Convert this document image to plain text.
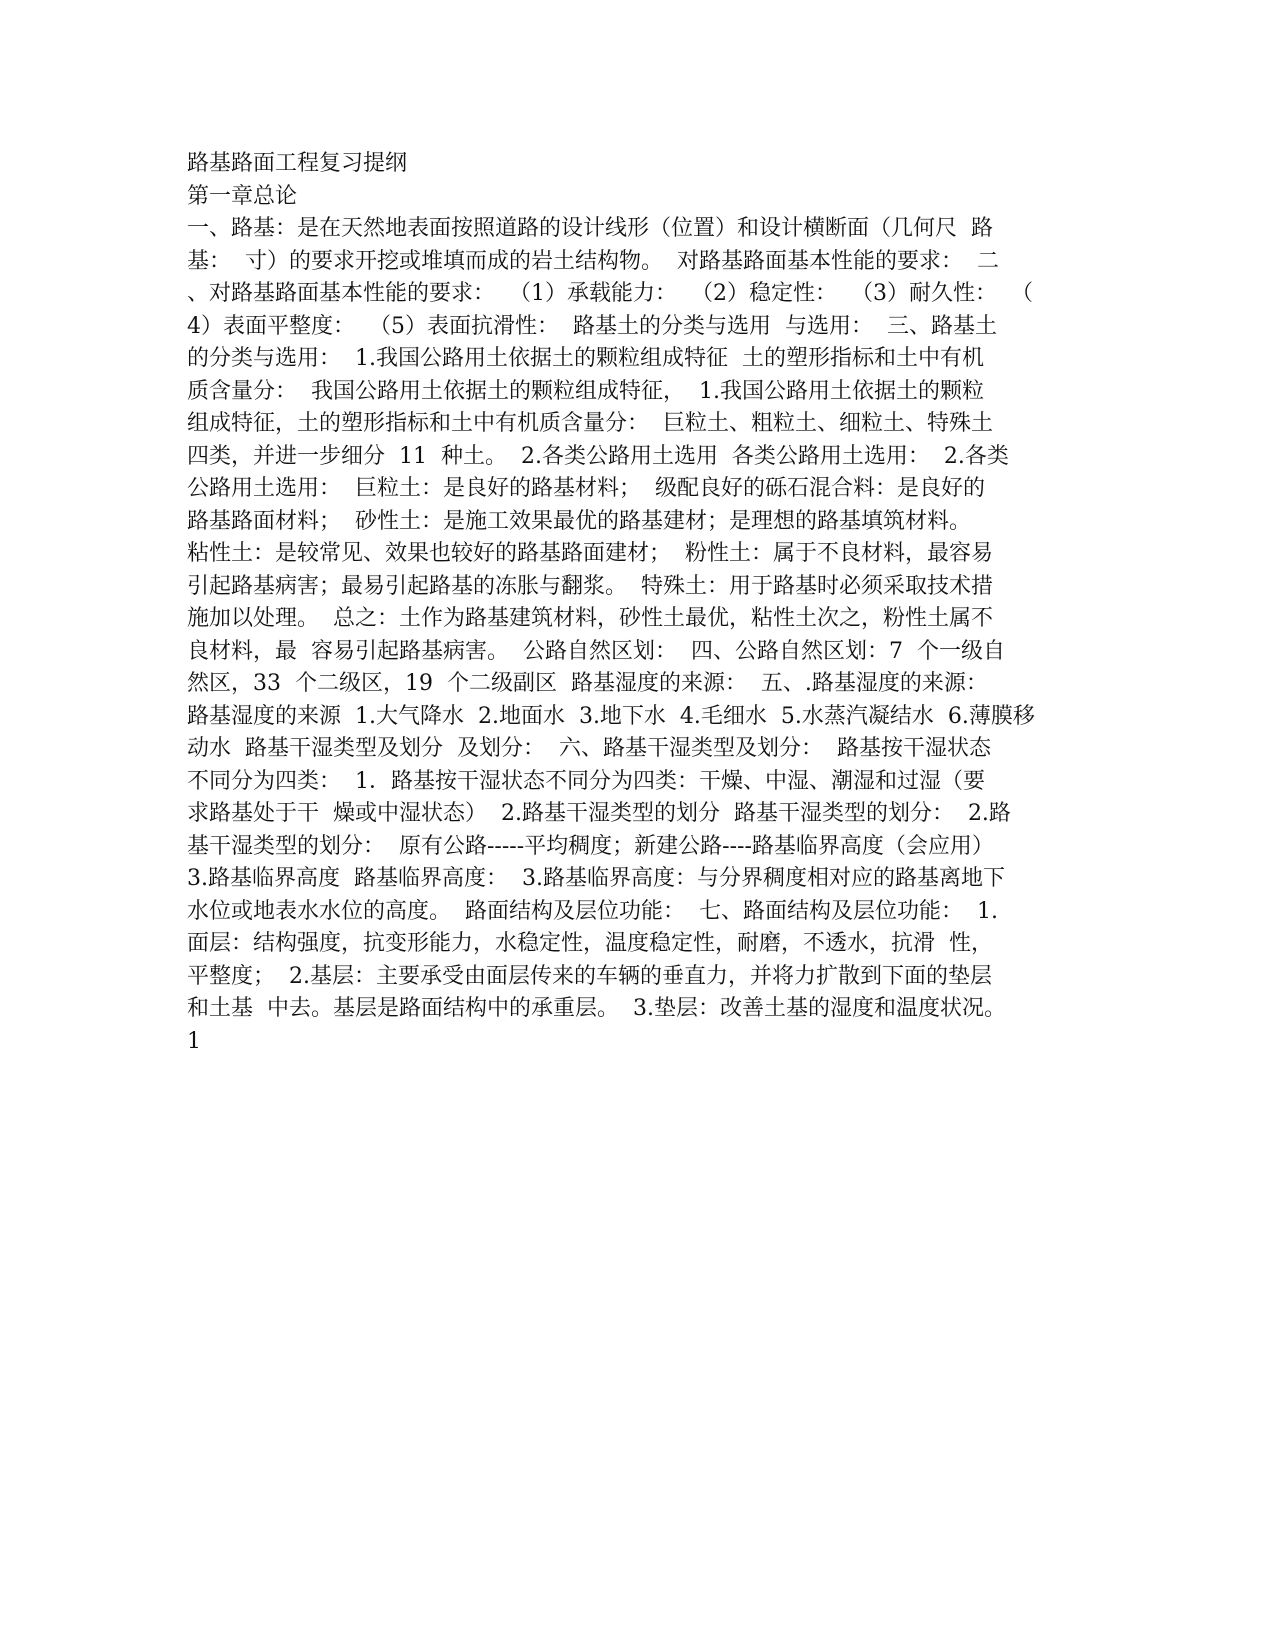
路基路面工程复习提纲
第一章总论
一、路基：是在天然地表面按照道路的设计线形（位置）和设计横断面（几何尺  路
基：  寸）的要求开挖或堆填而成的岩土结构物。  对路基路面基本性能的要求：  二
、对路基路面基本性能的要求：  （1）承载能力：  （2）稳定性：  （3）耐久性：  （
4）表面平整度：  （5）表面抗滑性：  路基土的分类与选用  与选用：  三、路基土
的分类与选用：  1.我国公路用土依据土的颗粒组成特征  土的塑形指标和土中有机
质含量分：  我国公路用土依据土的颗粒组成特征，  1.我国公路用土依据土的颗粒
组成特征，土的塑形指标和土中有机质含量分：  巨粒土、粗粒土、细粒土、特殊土
四类，并进一步细分  11  种土。  2.各类公路用土选用  各类公路用土选用：  2.各类
公路用土选用：  巨粒土：是良好的路基材料；  级配良好的砾石混合料：是良好的
路基路面材料；  砂性土：是施工效果最优的路基建材；是理想的路基填筑材料。
粘性土：是较常见、效果也较好的路基路面建材；  粉性土：属于不良材料，最容易
引起路基病害；最易引起路基的冻胀与翻浆。  特殊土：用于路基时必须采取技术措
施加以处理。  总之：土作为路基建筑材料，砂性土最优，粘性土次之，粉性土属不
良材料，最  容易引起路基病害。  公路自然区划：  四、公路自然区划：7  个一级自
然区，33  个二级区，19  个二级副区  路基湿度的来源：  五、.路基湿度的来源：
路基湿度的来源  1.大气降水  2.地面水  3.地下水  4.毛细水  5.水蒸汽凝结水  6.薄膜移
动水  路基干湿类型及划分  及划分：  六、路基干湿类型及划分：  路基按干湿状态
不同分为四类：  1．路基按干湿状态不同分为四类：干燥、中湿、潮湿和过湿（要
求路基处于干  燥或中湿状态）  2.路基干湿类型的划分  路基干湿类型的划分：  2.路
基干湿类型的划分：  原有公路-----平均稠度；新建公路----路基临界高度（会应用）
3.路基临界高度  路基临界高度：  3.路基临界高度：与分界稠度相对应的路基离地下
水位或地表水水位的高度。  路面结构及层位功能：  七、路面结构及层位功能：  1.
面层：结构强度，抗变形能力，水稳定性，温度稳定性，耐磨，不透水，抗滑  性，
平整度；  2.基层：主要承受由面层传来的车辆的垂直力，并将力扩散到下面的垫层
和土基  中去。基层是路面结构中的承重层。  3.垫层：改善土基的湿度和温度状况。
1
